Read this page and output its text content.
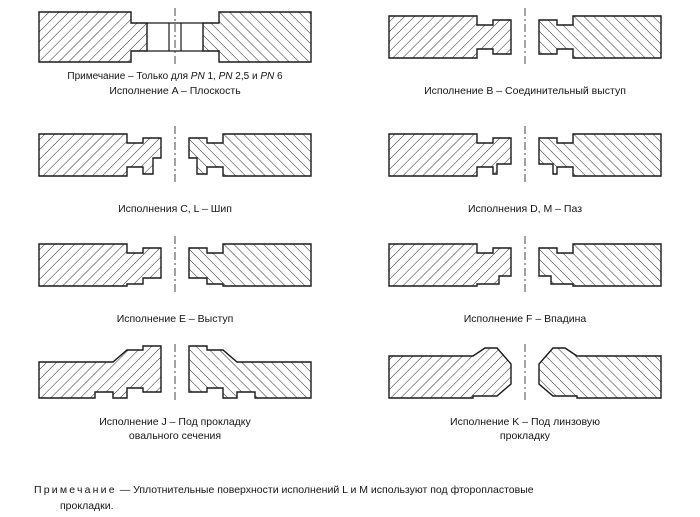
Примечание – Только для PN 1, PN 2,5 и PN 6
Исполнение A – Плоскость	Исполнение B – Соединительный выступ
Исполнения C, L – Шип	Исполнения D, M – Паз
Исполнение E – Выступ	Исполнение F – Впадина
Исполнение J – Под прокладку
овального сечения
Исполнение K – Под линзовую
прокладку
Примечание — Уплотнительные поверхности исполнений L и M используют под фторопластовые
прокладки.
